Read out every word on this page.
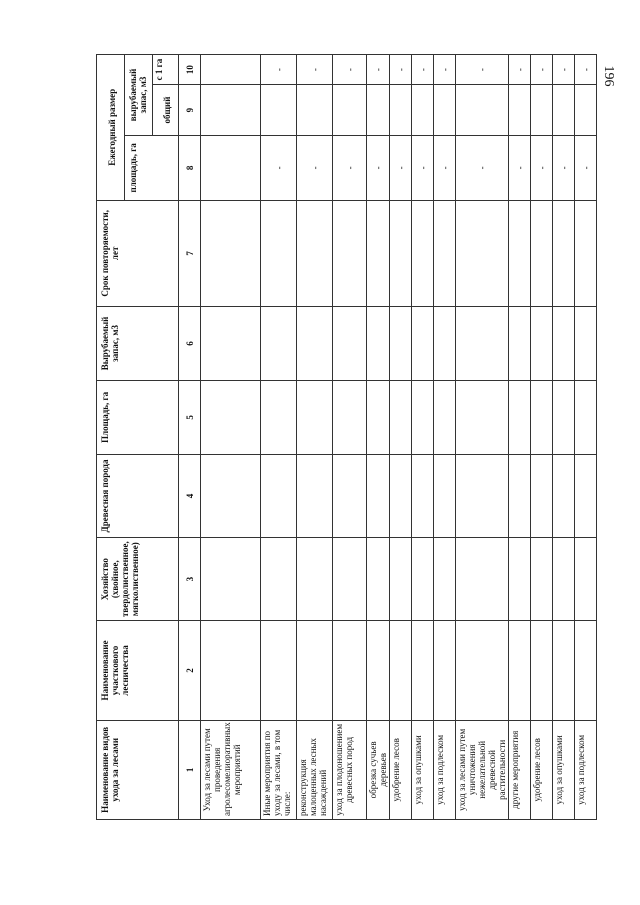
196
Наименование видов ухода за лесами	Наименование участкового лесничества	Хозяйство (хвойное, твердолиственное, мягколиственное)	Древесная порода	Площадь, га	Вырубаемый запас, м3	Срок повторяемости, лет	Ежегодный размер		
							площадь, га	вырубаемый запас, м3	
								общий	с 1 га
1	2	3	4	5	6	7	8	9	10
Уход за лесами путем проведения агролесомелиоративных мероприятий									
Иные мероприятия по уходу за лесами, в том числе:							-		-
реконструкция малоценных лесных насаждений							-		-
уход за плодоношением древесных пород							-		-
обрезка сучьев деревьев							-		-
удобрение лесов							-		-
уход за опушками							-		-
уход за подлеском							-		-
уход за лесами путем уничтожения нежелательной древесной растительности							-		-
другие мероприятия							-		-
удобрение лесов							-		-
уход за опушками							-		-
уход за подлеском							-		-
